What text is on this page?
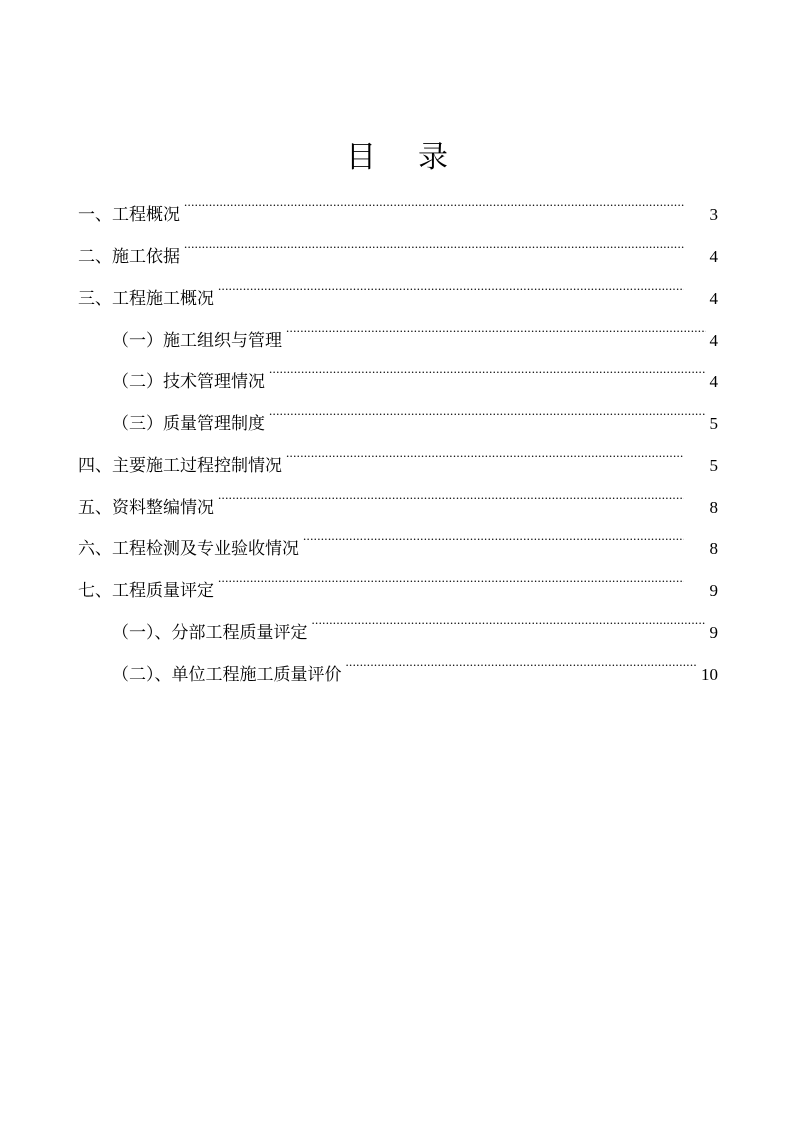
目 录
一、工程概况 .....	3
二、施工依据 .....	4
三、工程施工概况 .....	4
（一）施工组织与管理 .....	4
（二）技术管理情况 .....	4
（三）质量管理制度 .....	5
四、主要施工过程控制情况 .....	5
五、资料整编情况 .....	8
六、工程检测及专业验收情况 .....	8
七、工程质量评定 .....	9
（一）、分部工程质量评定 .....	9
（二）、单位工程施工质量评价 .....	10
